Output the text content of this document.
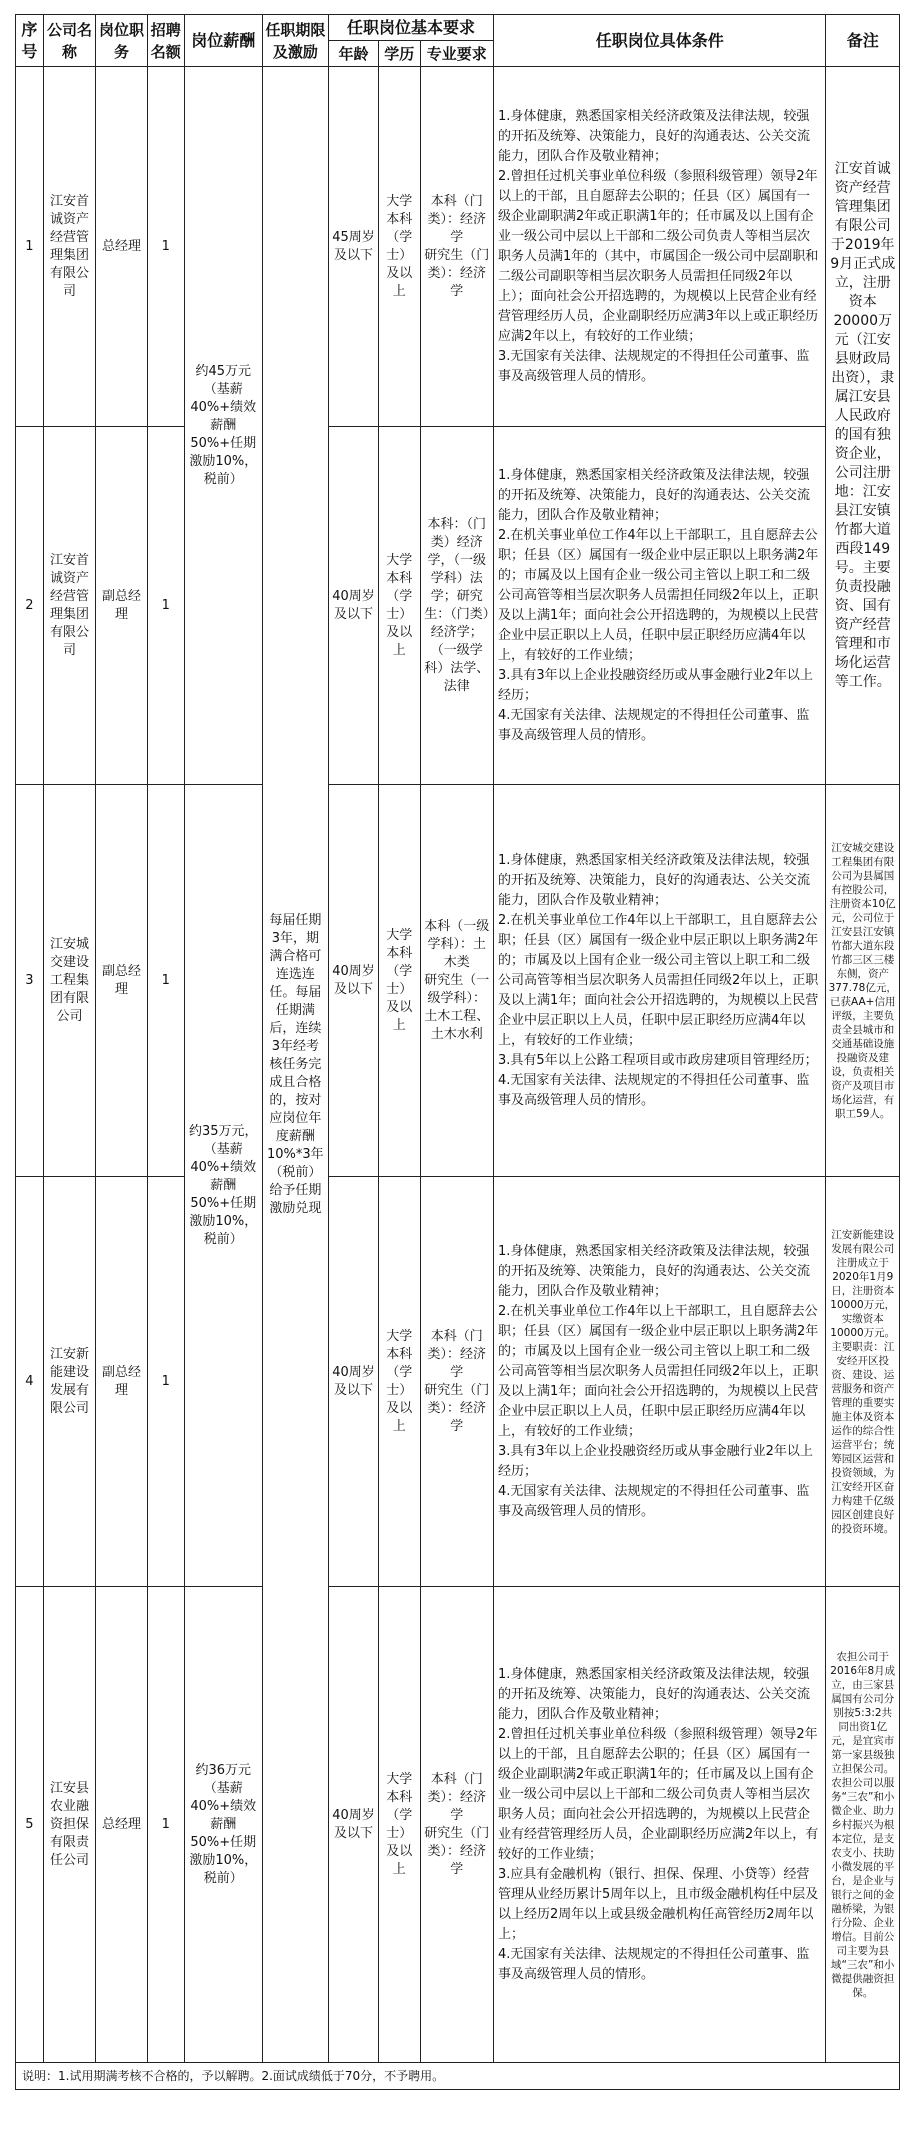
序号	公司名称	岗位职务	招聘名额	岗位薪酬	任职期限及激励	任职岗位基本要求			任职岗位具体条件	备注
						年龄	学历	专业要求		
1	江安首诚资产经营管理集团有限公司	总经理	1	约45万元（基薪40%+绩效薪酬50%+任期激励10%，税前）	每届任期3年，期满合格可连选连任。每届任期满后，连续3年经考核任务完成且合格的，按对应岗位年度薪酬10%*3年（税前）给予任期激励兑现	45周岁及以下	大学本科（学士）及以上	本科（门类）：经济学
研究生（门类）：经济学	1.身体健康，熟悉国家相关经济政策及法律法规，较强的开拓及统筹、决策能力，良好的沟通表达、公关交流能力，团队合作及敬业精神；
2.曾担任过机关事业单位科级（参照科级管理）领导2年以上的干部，且自愿辞去公职的；任县（区）属国有一级企业副职满2年或正职满1年的；任市属及以上国有企业一级公司中层以上干部和二级公司负责人等相当层次职务人员满1年的（其中，市属国企一级公司中层副职和二级公司副职等相当层次职务人员需担任同级2年以上）；面向社会公开招选聘的，为规模以上民营企业有经营管理经历人员，企业副职经历应满3年以上或正职经历应满2年以上，有较好的工作业绩；
3.无国家有关法律、法规规定的不得担任公司董事、监事及高级管理人员的情形。	江安首诚资产经营管理集团有限公司于2019年9月正式成立，注册资本20000万元（江安县财政局出资），隶属江安县人民政府的国有独资企业，公司注册地：江安县江安镇竹都大道西段149号。主要负责投融资、国有资产经营管理和市场化运营等工作。
2	江安首诚资产经营管理集团有限公司	副总经理	1			40周岁及以下	大学本科（学士）及以上	本科：（门类）经济学，（一级学科）法学；研究生：（门类）经济学；（一级学科）法学、法律	1.身体健康，熟悉国家相关经济政策及法律法规，较强的开拓及统筹、决策能力，良好的沟通表达、公关交流能力，团队合作及敬业精神；
2.在机关事业单位工作4年以上干部职工，且自愿辞去公职；任县（区）属国有一级企业中层正职以上职务满2年的；市属及以上国有企业一级公司主管以上职工和二级公司高管等相当层次职务人员需担任同级2年以上，正职及以上满1年；面向社会公开招选聘的，为规模以上民营企业中层正职以上人员，任职中层正职经历应满4年以上，有较好的工作业绩；
3.具有3年以上企业投融资经历或从事金融行业2年以上经历；
4.无国家有关法律、法规规定的不得担任公司董事、监事及高级管理人员的情形。	
3	江安城交建设工程集团有限公司	副总经理	1	约35万元，（基薪40%+绩效薪酬50%+任期激励10%，税前）		40周岁及以下	大学本科（学士）及以上	本科（一级学科）：土木类
研究生（一级学科）：土木工程、土木水利	1.身体健康，熟悉国家相关经济政策及法律法规，较强的开拓及统筹、决策能力，良好的沟通表达、公关交流能力，团队合作及敬业精神；
2.在机关事业单位工作4年以上干部职工，且自愿辞去公职；任县（区）属国有一级企业中层正职以上职务满2年的；市属及以上国有企业一级公司主管以上职工和二级公司高管等相当层次职务人员需担任同级2年以上，正职及以上满1年；面向社会公开招选聘的，为规模以上民营企业中层正职以上人员，任职中层正职经历应满4年以上，有较好的工作业绩；
3.具有5年以上公路工程项目或市政房建项目管理经历；
4.无国家有关法律、法规规定的不得担任公司董事、监事及高级管理人员的情形。	江安城交建设工程集团有限公司为县属国有控股公司，注册资本10亿元，公司位于江安县江安镇竹都大道东段竹都三区三楼东侧，资产377.78亿元，已获AA+信用评级，主要负责全县城市和交通基础设施投融资及建设，负责相关资产及项目市场化运营，有职工59人。
4	江安新能建设发展有限公司	副总经理	1			40周岁及以下	大学本科（学士）及以上	本科（门类）：经济学
研究生（门类）：经济学	1.身体健康，熟悉国家相关经济政策及法律法规，较强的开拓及统筹、决策能力，良好的沟通表达、公关交流能力，团队合作及敬业精神；
2.在机关事业单位工作4年以上干部职工，且自愿辞去公职；任县（区）属国有一级企业中层正职以上职务满2年的；市属及以上国有企业一级公司主管以上职工和二级公司高管等相当层次职务人员需担任同级2年以上，正职及以上满1年；面向社会公开招选聘的，为规模以上民营企业中层正职以上人员，任职中层正职经历应满4年以上，有较好的工作业绩；
3.具有3年以上企业投融资经历或从事金融行业2年以上经历；
4.无国家有关法律、法规规定的不得担任公司董事、监事及高级管理人员的情形。	江安新能建设发展有限公司注册成立于2020年1月9日，注册资本10000万元，实缴资本10000万元。主要职责：江安经开区投资、建设、运营服务和资产管理的重要实施主体及资本运作的综合性运营平台；统筹园区运营和投资领域，为江安经开区奋力构建千亿级园区创建良好的投资环境。
5	江安县农业融资担保有限责任公司	总经理	1	约36万元（基薪40%+绩效薪酬50%+任期激励10%，税前）		40周岁及以下	大学本科（学士）及以上	本科（门类）：经济学
研究生（门类）：经济学	1.身体健康，熟悉国家相关经济政策及法律法规，较强的开拓及统筹、决策能力，良好的沟通表达、公关交流能力，团队合作及敬业精神；
2.曾担任过机关事业单位科级（参照科级管理）领导2年以上的干部，且自愿辞去公职的；任县（区）属国有一级企业副职满2年或正职满1年的；任市属及以上国有企业一级公司中层以上干部和二级公司负责人等相当层次职务人员；面向社会公开招选聘的，为规模以上民营企业有经营管理经历人员，企业副职经历应满2年以上，有较好的工作业绩；
3.应具有金融机构（银行、担保、保理、小贷等）经营管理从业经历累计5周年以上，且市级金融机构任中层及以上经历2周年以上或县级金融机构任高管经历2周年以上；
4.无国家有关法律、法规规定的不得担任公司董事、监事及高级管理人员的情形。	农担公司于2016年8月成立，由三家县属国有公司分别按5:3:2共同出资1亿元，是宜宾市第一家县级独立担保公司。农担公司以服务“三农”和小微企业、助力乡村振兴为根本定位，是支农支小、扶助小微发展的平台，是企业与银行之间的金融桥梁，为银行分险、企业增信。目前公司主要为县域“三农”和小微提供融资担保。
说明：1.试用期满考核不合格的，予以解聘。2.面试成绩低于70分，不予聘用。										
